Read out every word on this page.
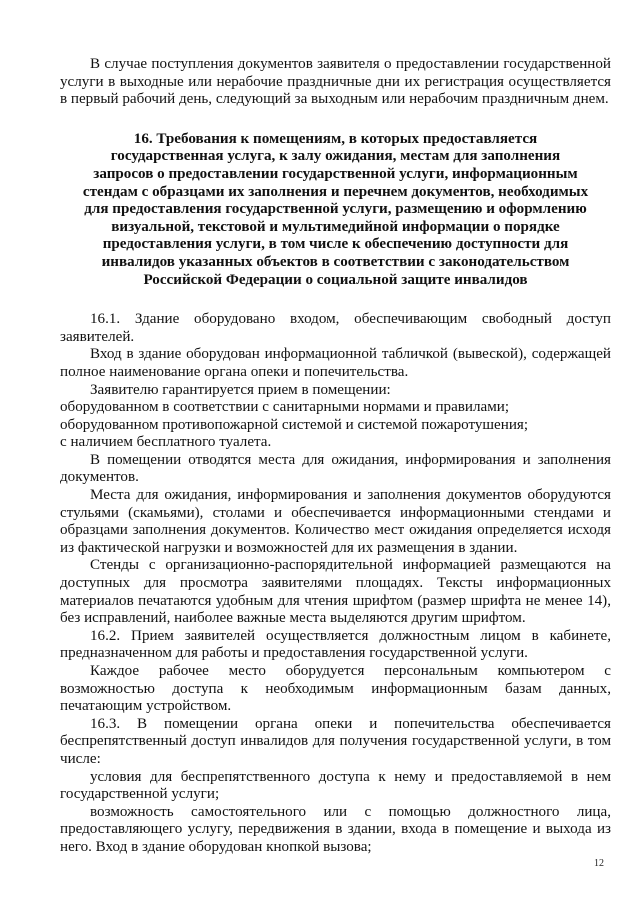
В случае поступления документов заявителя о предоставлении государственной услуги в выходные или нерабочие праздничные дни их регистрация осуществляется в первый рабочий день, следующий за выходным или нерабочим праздничным днем.

16. Требования к помещениям, в которых предоставляется
государственная услуга, к залу ожидания, местам для заполнения
запросов о предоставлении государственной услуги, информационным
стендам с образцами их заполнения и перечнем документов, необходимых
для предоставления государственной услуги, размещению и оформлению
визуальной, текстовой и мультимедийной информации о порядке
предоставления услуги, в том числе к обеспечению доступности для
инвалидов указанных объектов в соответствии с законодательством
Российской Федерации о социальной защите инвалидов

16.1. Здание оборудовано входом, обеспечивающим свободный доступ заявителей.

Вход в здание оборудован информационной табличкой (вывеской), содержащей полное наименование органа опеки и попечительства.

Заявителю гарантируется прием в помещении:

оборудованном в соответствии с санитарными нормами и правилами;

оборудованном противопожарной системой и системой пожаротушения;

с наличием бесплатного туалета.

В помещении отводятся места для ожидания, информирования и заполнения документов.

Места для ожидания, информирования и заполнения документов оборудуются стульями (скамьями), столами и обеспечивается информационными стендами и образцами заполнения документов. Количество мест ожидания определяется исходя из фактической нагрузки и возможностей для их размещения в здании.

Стенды с организационно-распорядительной информацией размещаются на доступных для просмотра заявителями площадях. Тексты информационных материалов печатаются удобным для чтения шрифтом (размер шрифта не менее 14), без исправлений, наиболее важные места выделяются другим шрифтом.

16.2. Прием заявителей осуществляется должностным лицом в кабинете, предназначенном для работы и предоставления государственной услуги.

Каждое рабочее место оборудуется персональным компьютером с возможностью доступа к необходимым информационным базам данных, печатающим устройством.

16.3. В помещении органа опеки и попечительства обеспечивается беспрепятственный доступ инвалидов для получения государственной услуги, в том числе:

условия для беспрепятственного доступа к нему и предоставляемой в нем государственной услуги;

возможность самостоятельного или с помощью должностного лица, предоставляющего услугу, передвижения в здании, входа в помещение и выхода из него. Вход в здание оборудован кнопкой вызова;

12
